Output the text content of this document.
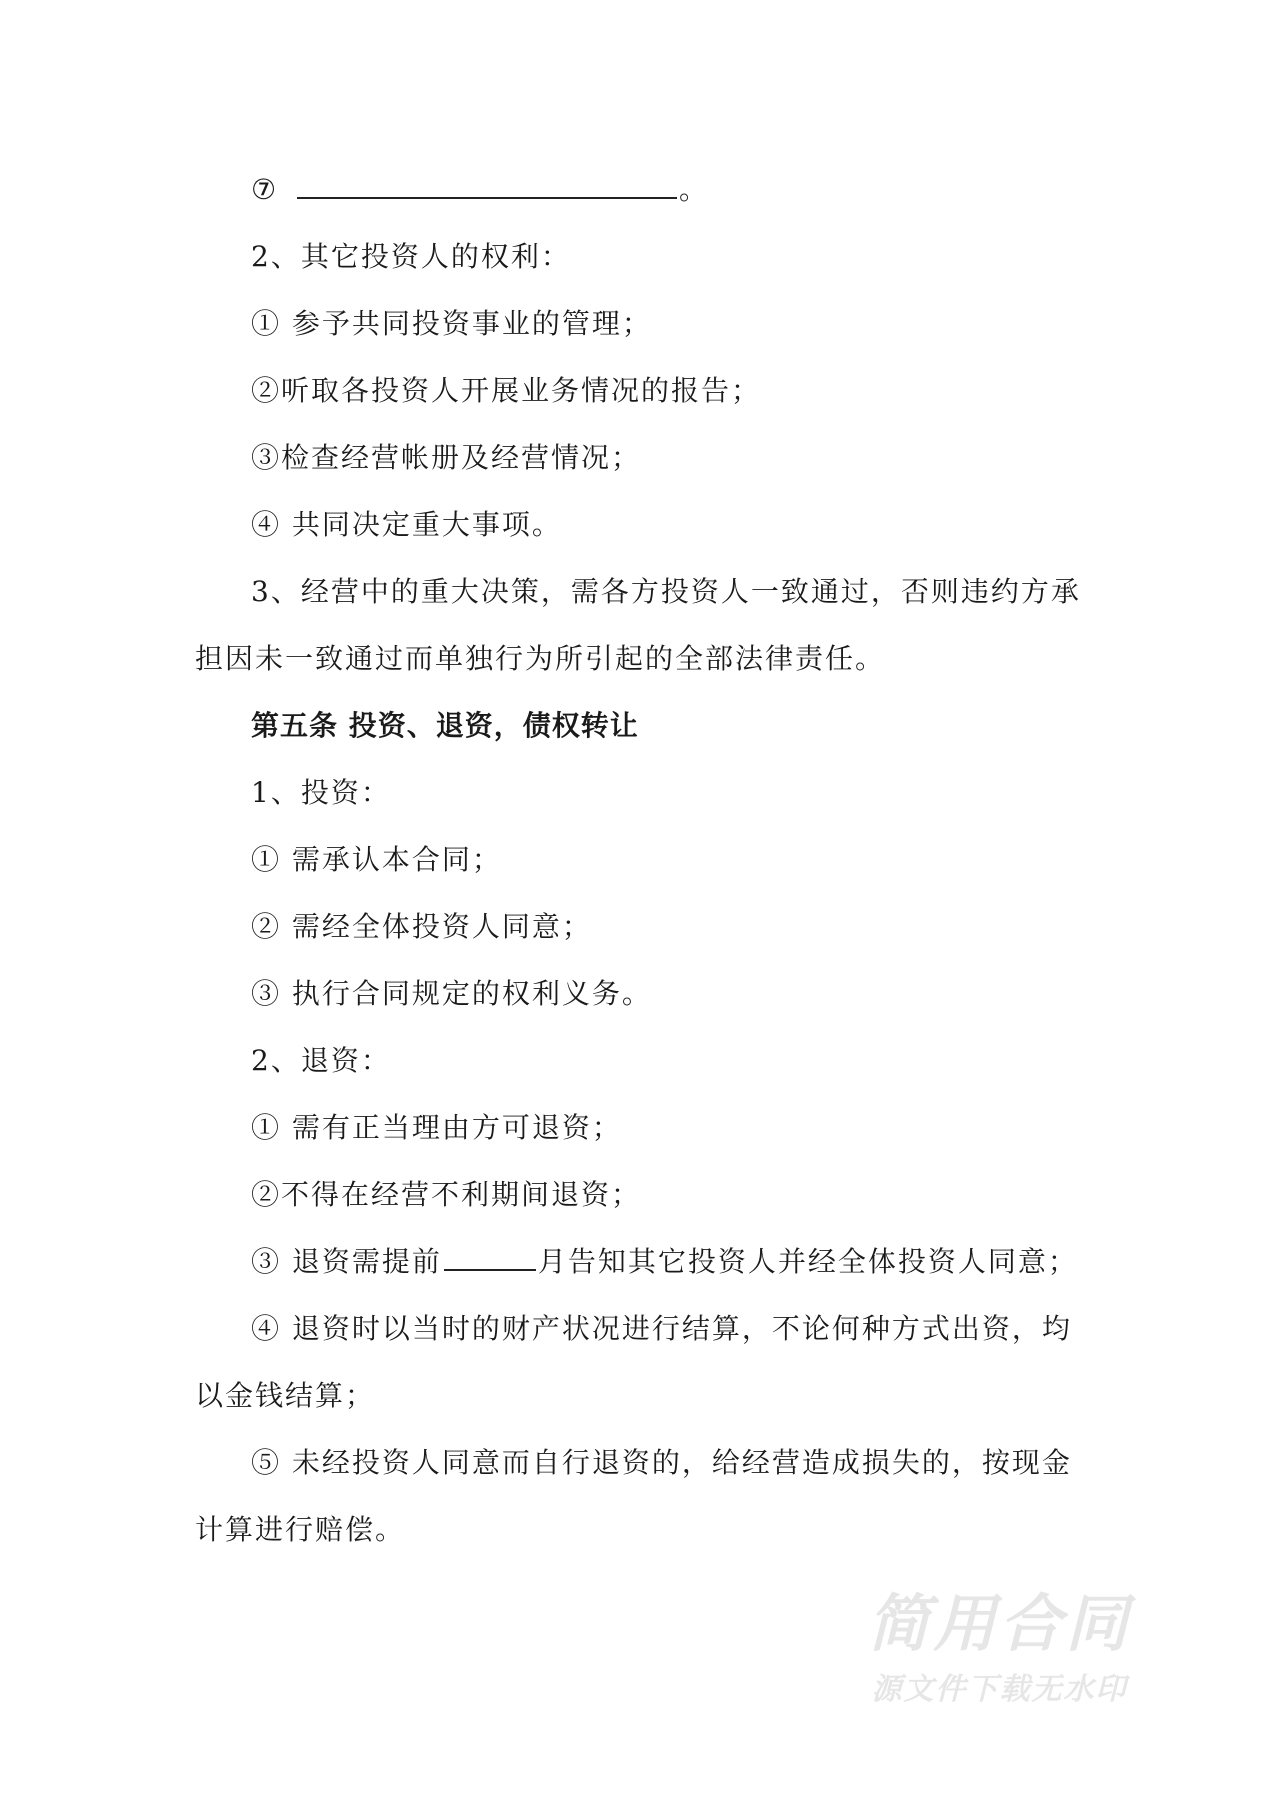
⑦	。
2、其它投资人的权利：
① 参予共同投资事业的管理；
②听取各投资人开展业务情况的报告；
③检查经营帐册及经营情况；
④ 共同决定重大事项。
3、经营中的重大决策，需各方投资人一致通过，否则违约方承
担因未一致通过而单独行为所引起的全部法律责任。
第五条 投资、退资，债权转让
1、投资：
① 需承认本合同；
② 需经全体投资人同意；
③ 执行合同规定的权利义务。
2、退资：
① 需有正当理由方可退资；
②不得在经营不利期间退资；
③ 退资需提前	月告知其它投资人并经全体投资人同意；
④ 退资时以当时的财产状况进行结算，不论何种方式出资，均
以金钱结算；
⑤ 未经投资人同意而自行退资的，给经营造成损失的，按现金
计算进行赔偿。
简用合同
源文件下载无水印
